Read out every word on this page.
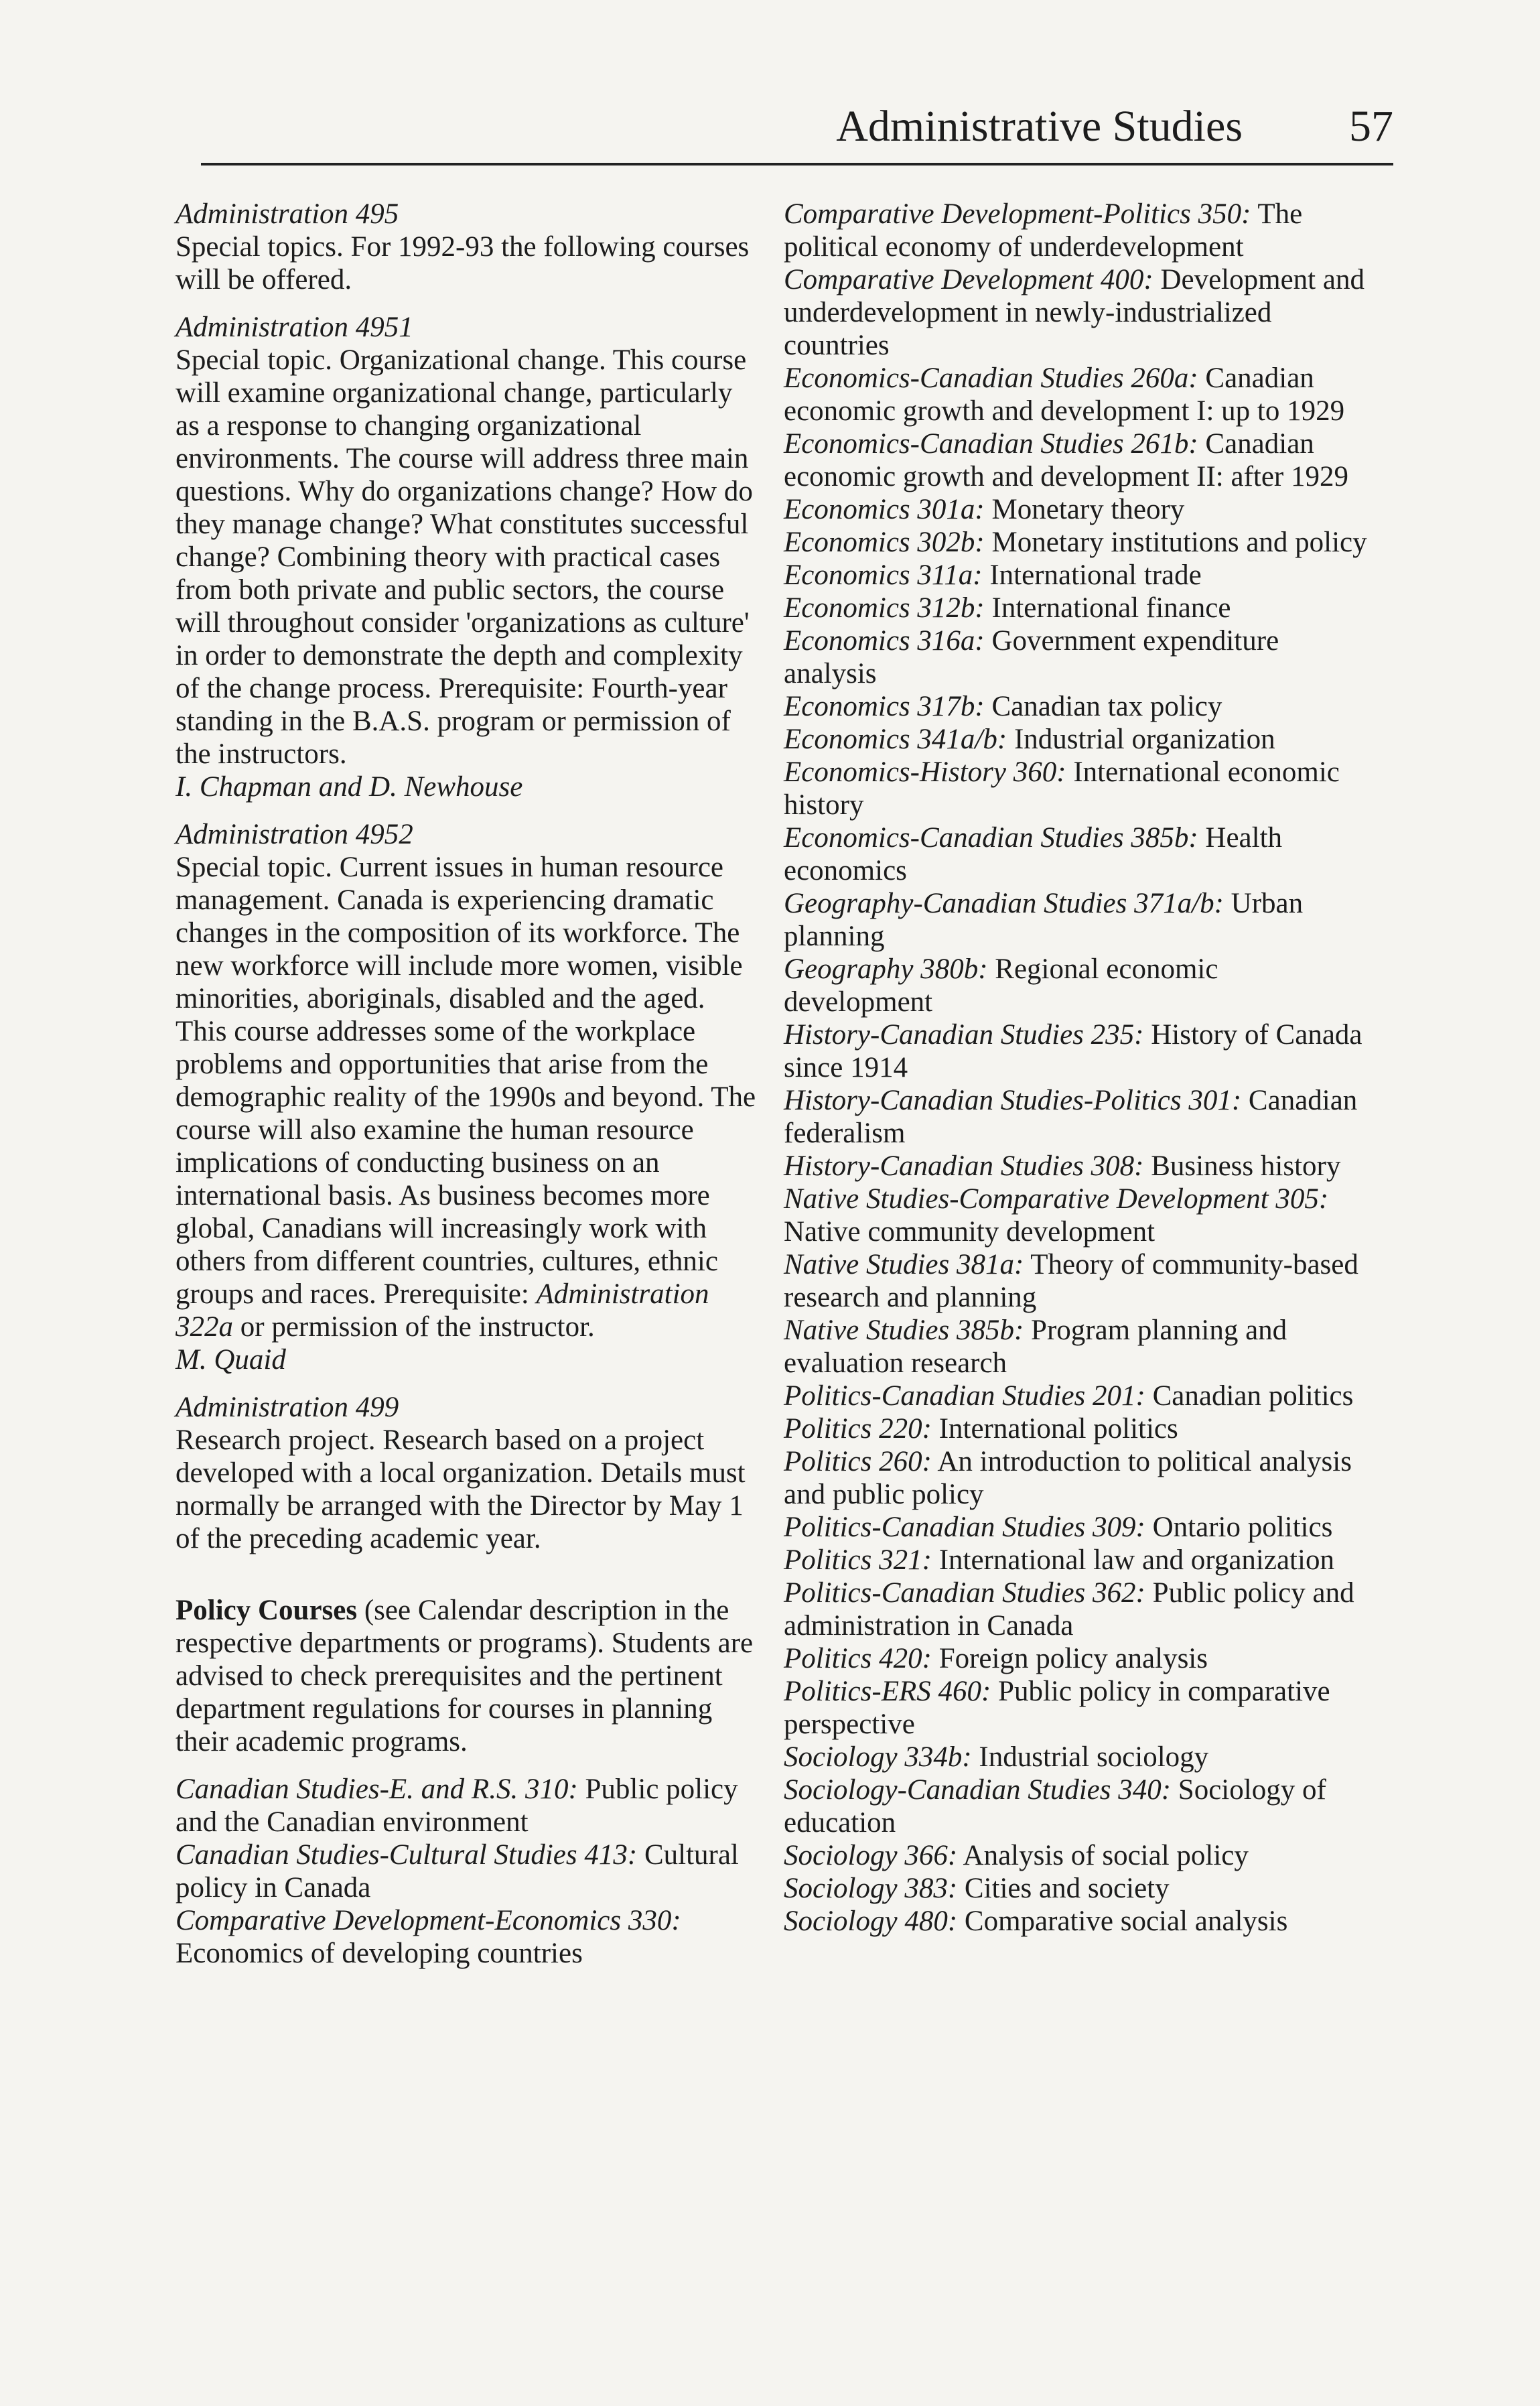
Administrative Studies 57
Administration 495
Special topics. For 1992-93 the following courses will be offered.
Administration 4951
Special topic. Organizational change. This course will examine organizational change, particularly as a response to changing organizational environments. The course will address three main questions. Why do organizations change? How do they manage change? What constitutes successful change? Combining theory with practical cases from both private and public sectors, the course will throughout consider 'organizations as culture' in order to demonstrate the depth and complexity of the change process. Prerequisite: Fourth-year standing in the B.A.S. program or permission of the instructors.
I. Chapman and D. Newhouse
Administration 4952
Special topic. Current issues in human resource management. Canada is experiencing dramatic changes in the composition of its workforce. The new workforce will include more women, visible minorities, aboriginals, disabled and the aged. This course addresses some of the workplace problems and opportunities that arise from the demographic reality of the 1990s and beyond. The course will also examine the human resource implications of conducting business on an international basis. As business becomes more global, Canadians will increasingly work with others from different countries, cultures, ethnic groups and races. Prerequisite: Administration 322a or permission of the instructor.
M. Quaid
Administration 499
Research project. Research based on a project developed with a local organization. Details must normally be arranged with the Director by May 1 of the preceding academic year.
Policy Courses (see Calendar description in the respective departments or programs). Students are advised to check prerequisites and the pertinent department regulations for courses in planning their academic programs.
Canadian Studies-E. and R.S. 310: Public policy and the Canadian environment
Canadian Studies-Cultural Studies 413: Cultural policy in Canada
Comparative Development-Economics 330: Economics of developing countries
Comparative Development-Politics 350: The political economy of underdevelopment
Comparative Development 400: Development and underdevelopment in newly-industrialized countries
Economics-Canadian Studies 260a: Canadian economic growth and development I: up to 1929
Economics-Canadian Studies 261b: Canadian economic growth and development II: after 1929
Economics 301a: Monetary theory
Economics 302b: Monetary institutions and policy
Economics 311a: International trade
Economics 312b: International finance
Economics 316a: Government expenditure analysis
Economics 317b: Canadian tax policy
Economics 341a/b: Industrial organization
Economics-History 360: International economic history
Economics-Canadian Studies 385b: Health economics
Geography-Canadian Studies 371a/b: Urban planning
Geography 380b: Regional economic development
History-Canadian Studies 235: History of Canada since 1914
History-Canadian Studies-Politics 301: Canadian federalism
History-Canadian Studies 308: Business history
Native Studies-Comparative Development 305: Native community development
Native Studies 381a: Theory of community-based research and planning
Native Studies 385b: Program planning and evaluation research
Politics-Canadian Studies 201: Canadian politics
Politics 220: International politics
Politics 260: An introduction to political analysis and public policy
Politics-Canadian Studies 309: Ontario politics
Politics 321: International law and organization
Politics-Canadian Studies 362: Public policy and administration in Canada
Politics 420: Foreign policy analysis
Politics-ERS 460: Public policy in comparative perspective
Sociology 334b: Industrial sociology
Sociology-Canadian Studies 340: Sociology of education
Sociology 366: Analysis of social policy
Sociology 383: Cities and society
Sociology 480: Comparative social analysis
